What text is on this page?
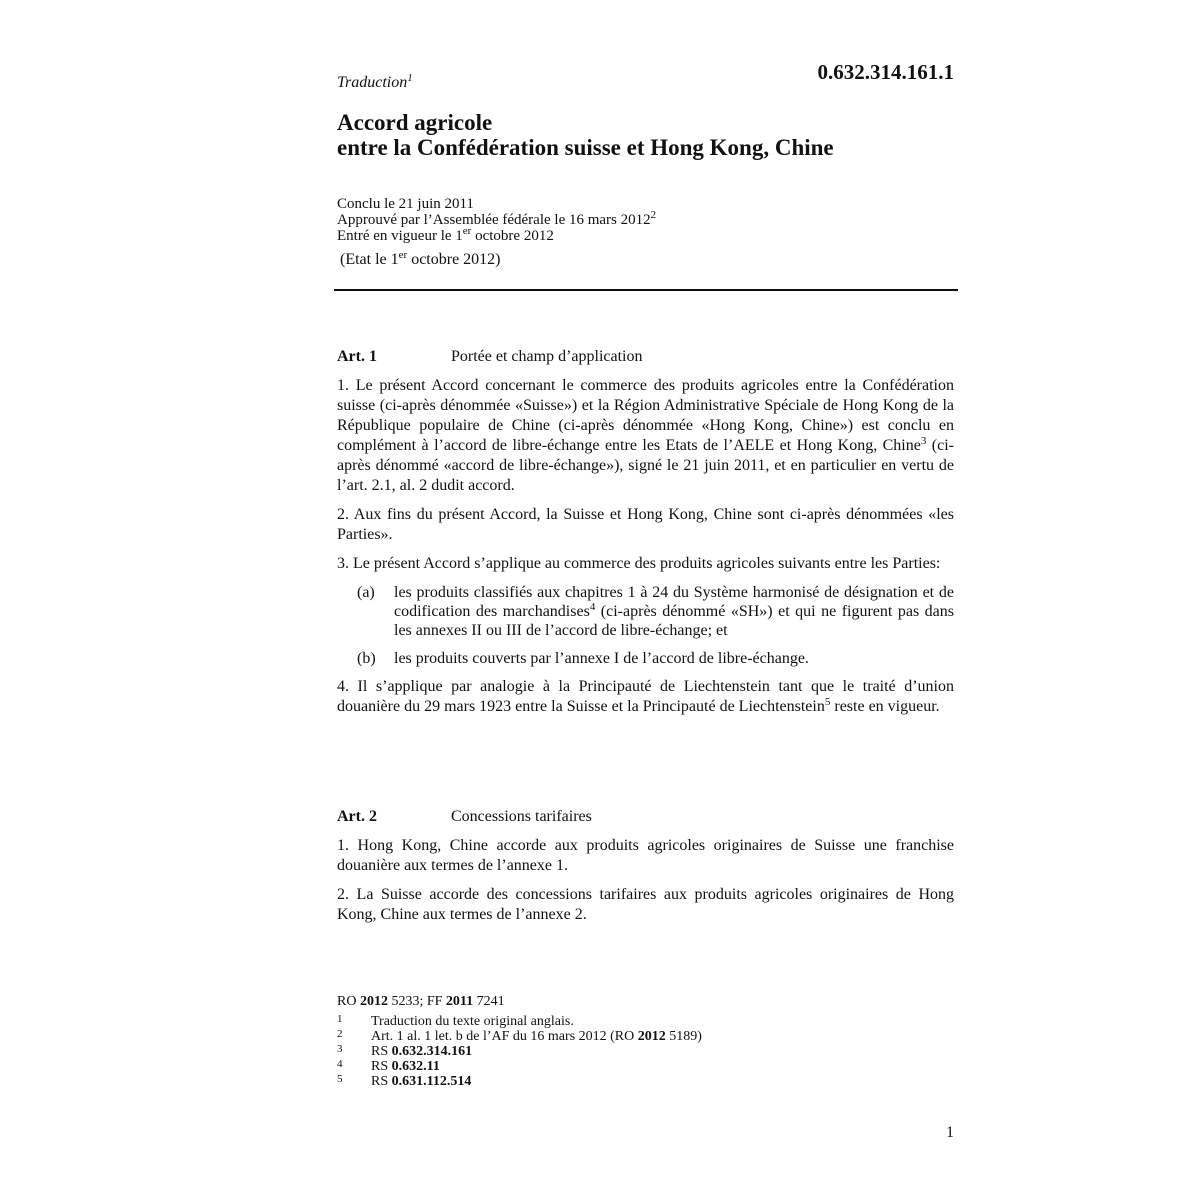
0.632.314.161.1
Traduction$^1$
Accord agricole
entre la Confédération suisse et Hong Kong, Chine
Conclu le 21 juin 2011
Approuvé par l’Assemblée fédérale le 16 mars 2012$^2$
Entré en vigueur le 1er octobre 2012
(Etat le 1er octobre 2012)
Art. 1	Portée et champ d’application

1. Le présent Accord concernant le commerce des produits agricoles entre la Confédération suisse (ci-après dénommée «Suisse») et la Région Administrative Spéciale de Hong Kong de la République populaire de Chine (ci-après dénommée «Hong Kong, Chine») est conclu en complément à l’accord de libre-échange entre les Etats de l’AELE et Hong Kong, Chine$^3$ (ci-après dénommé «accord de libre-échange»), signé le 21 juin 2011, et en particulier en vertu de l’art. 2.1, al. 2 dudit accord.

2. Aux fins du présent Accord, la Suisse et Hong Kong, Chine sont ci-après dénommées «les Parties».

3. Le présent Accord s’applique au commerce des produits agricoles suivants entre les Parties:

(a)	les produits classifiés aux chapitres 1 à 24 du Système harmonisé de désignation et de codification des marchandises$^4$ (ci-après dénommé «SH») et qui ne figurent pas dans les annexes II ou III de l’accord de libre-échange; et
(b)	les produits couverts par l’annexe I de l’accord de libre-échange.

4. Il s’applique par analogie à la Principauté de Liechtenstein tant que le traité d’union douanière du 29 mars 1923 entre la Suisse et la Principauté de Liechtenstein$^5$ reste en vigueur.

Art. 2	Concessions tarifaires

1. Hong Kong, Chine accorde aux produits agricoles originaires de Suisse une franchise douanière aux termes de l’annexe 1.

2. La Suisse accorde des concessions tarifaires aux produits agricoles originaires de Hong Kong, Chine aux termes de l’annexe 2.

RO 2012 5233; FF 2011 7241
1	Traduction du texte original anglais.
2	Art. 1 al. 1 let. b de l’AF du 16 mars 2012 (RO 2012 5189)
3	RS 0.632.314.161
4	RS 0.632.11
5	RS 0.631.112.514
1
